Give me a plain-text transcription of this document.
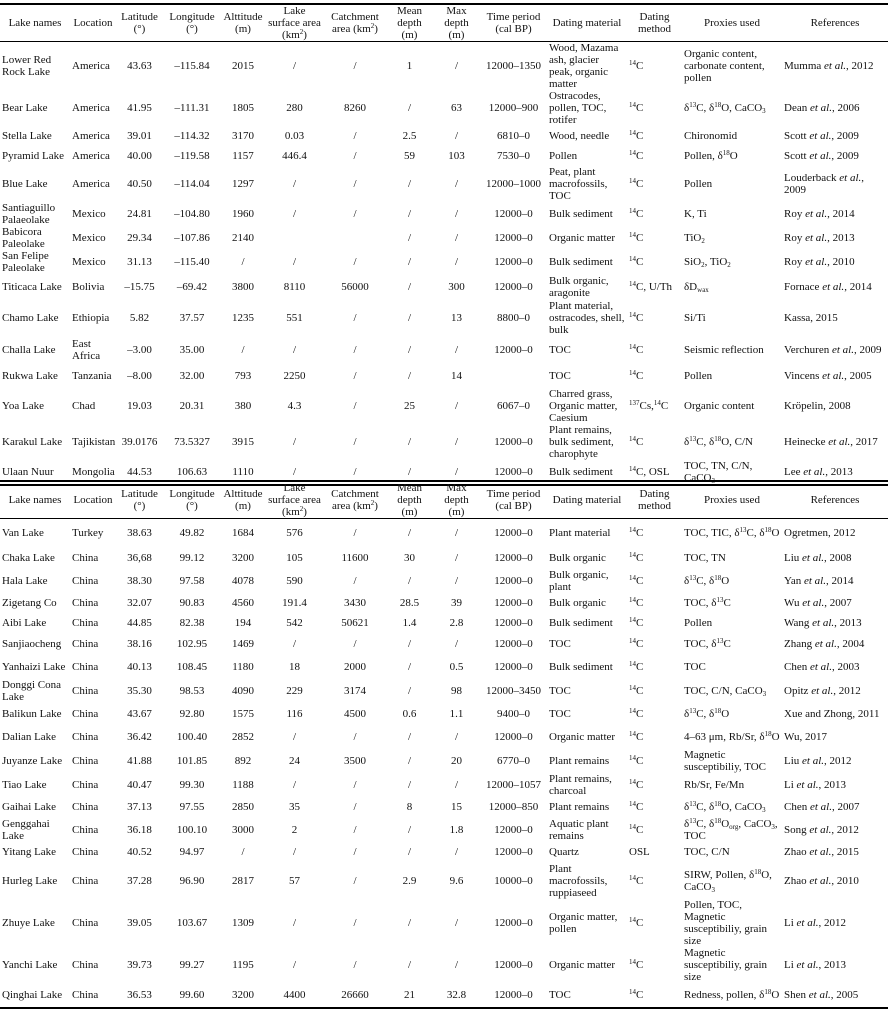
Lake names	Location	Latitude (°)	Longitude (°)	Alttitude (m)	Lake surface area $(km^2)$	Catchment area $(km^2)$	Mean depth (m)	Max depth (m)	Time period (cal BP)	Dating material	Dating method	Proxies used	References
Lower Red Rock Lake	America	43.63	–115.84	2015	/	/	1	/	12000–1350	Wood, Mazama ash, glacier peak, organic matter	$^{14}$C	Organic content, carbonate content, pollen	Mumma et al., 2012
Bear Lake	America	41.95	–111.31	1805	280	8260	/	63	12000–900	Ostracodes, pollen, TOC, rotifer	$^{14}$C	$\delta^{13}C$, $\delta^{18}O$, CaCO$_3$	Dean et al., 2006
Stella Lake	America	39.01	–114.32	3170	0.03	/	2.5	/	6810–0	Wood, needle	$^{14}$C	Chironomid	Scott et al., 2009
Pyramid Lake	America	40.00	–119.58	1157	446.4	/	59	103	7530–0	Pollen	$^{14}$C	Pollen, $\delta^{18}O$	Scott et al., 2009
Blue Lake	America	40.50	–114.04	1297	/	/	/	/	12000–1000	Peat, plant macrofossils, TOC	$^{14}$C	Pollen	Louderback et al., 2009
Santiaguillo Palaeolake	Mexico	24.81	–104.80	1960	/	/	/	/	12000–0	Bulk sediment	$^{14}$C	K, Ti	Roy et al., 2014
Babicora Paleolake	Mexico	29.34	–107.86	2140			/	/	12000–0	Organic matter	$^{14}$C	TiO$_2$	Roy et al., 2013
San Felipe Paleolake	Mexico	31.13	–115.40	/	/	/	/	/	12000–0	Bulk sediment	$^{14}$C	SiO$_2$, TiO$_2$	Roy et al., 2010
Titicaca Lake	Bolivia	–15.75	–69.42	3800	8110	56000	/	300	12000–0	Bulk organic, aragonite	$^{14}$C, U/Th	$\delta D_{wax}$	Fornace et al., 2014
Chamo Lake	Ethiopia	5.82	37.57	1235	551	/	/	13	8800–0	Plant material, ostracodes, shell, bulk	$^{14}$C	Si/Ti	Kassa, 2015
Challa Lake	East Africa	–3.00	35.00	/	/	/	/	/	12000–0	TOC	$^{14}$C	Seismic reflection	Verchuren et al., 2009
Rukwa Lake	Tanzania	–8.00	32.00	793	2250	/	/	14		TOC	$^{14}$C	Pollen	Vincens et al., 2005
Yoa Lake	Chad	19.03	20.31	380	4.3	/	25	/	6067–0	Charred grass, Organic matter, Caesium	$^{137}$Cs,$^{14}$C	Organic content	Kröpelin, 2008
Karakul Lake	Tajikistan	39.0176	73.5327	3915	/	/	/	/	12000–0	Plant remains, bulk sediment, charophyte	$^{14}$C	$\delta^{13}C$, $\delta^{18}O$, C/N	Heinecke et al., 2017
Ulaan Nuur	Mongolia	44.53	106.63	1110	/	/	/	/	12000–0	Bulk sediment	$^{14}$C, OSL	TOC, TN, C/N, CaCO$_3$	Lee et al., 2013
Lake names	Location	Latitude (°)	Longitude (°)	Alttitude (m)	Lake surface area $(km^2)$	Catchment area $(km^2)$	Mean depth (m)	Max depth (m)	Time period (cal BP)	Dating material	Dating method	Proxies used	References
Van Lake	Turkey	38.63	49.82	1684	576	/	/	/	12000–0	Plant material	$^{14}$C	TOC, TIC, $\delta^{13}C$, $\delta^{18}O$	Ogretmen, 2012
Chaka Lake	China	36,68	99.12	3200	105	11600	30	/	12000–0	Bulk organic	$^{14}$C	TOC, TN	Liu et al., 2008
Hala Lake	China	38.30	97.58	4078	590	/	/	/	12000–0	Bulk organic, plant	$^{14}$C	$\delta^{13}C$, $\delta^{18}O$	Yan et al., 2014
Zigetang Co	China	32.07	90.83	4560	191.4	3430	28.5	39	12000–0	Bulk organic	$^{14}$C	TOC, $\delta^{13}C$	Wu et al., 2007
Aibi Lake	China	44.85	82.38	194	542	50621	1.4	2.8	12000–0	Bulk sediment	$^{14}$C	Pollen	Wang et al., 2013
Sanjiaocheng	China	38.16	102.95	1469	/	/	/	/	12000–0	TOC	$^{14}$C	TOC, $\delta^{13}C$	Zhang et al., 2004
Yanhaizi Lake	China	40.13	108.45	1180	18	2000	/	0.5	12000–0	Bulk sediment	$^{14}$C	TOC	Chen et al., 2003
Donggi Cona Lake	China	35.30	98.53	4090	229	3174	/	98	12000–3450	TOC	$^{14}$C	TOC, C/N, CaCO$_3$	Opitz et al., 2012
Balikun Lake	China	43.67	92.80	1575	116	4500	0.6	1.1	9400–0	TOC	$^{14}$C	$\delta^{13}C$, $\delta^{18}O$	Xue and Zhong, 2011
Dalian Lake	China	36.42	100.40	2852	/	/	/	/	12000–0	Organic matter	$^{14}$C	4–63 μm, Rb/Sr, $\delta^{18}O$	Wu, 2017
Juyanze Lake	China	41.88	101.85	892	24	3500	/	20	6770–0	Plant remains	$^{14}$C	Magnetic susceptibiliy, TOC	Liu et al., 2012
Tiao Lake	China	40.47	99.30	1188	/	/	/	/	12000–1057	Plant remains, charcoal	$^{14}$C	Rb/Sr, Fe/Mn	Li et al., 2013
Gaihai Lake	China	37.13	97.55	2850	35	/	8	15	12000–850	Plant remains	$^{14}$C	$\delta^{13}C$, $\delta^{18}O$, CaCO$_3$	Chen et al., 2007
Genggahai Lake	China	36.18	100.10	3000	2	/	/	1.8	12000–0	Aquatic plant remains	$^{14}$C	$\delta^{13}C$, $\delta^{18}O_{org}$, CaCO$_3$, TOC	Song et al., 2012
Yitang Lake	China	40.52	94.97	/	/	/	/	/	12000–0	Quartz	OSL	TOC, C/N	Zhao et al., 2015
Hurleg Lake	China	37.28	96.90	2817	57	/	2.9	9.6	10000–0	Plant macrofossils, ruppiaseed	$^{14}$C	SIRW, Pollen, $\delta^{18}O$, CaCO$_3$	Zhao et al., 2010
Zhuye Lake	China	39.05	103.67	1309	/	/	/	/	12000–0	Organic matter, pollen	$^{14}$C	Pollen, TOC, Magnetic susceptibiliy, grain size	Li et al., 2012
Yanchi Lake	China	39.73	99.27	1195	/	/	/	/	12000–0	Organic matter	$^{14}$C	Magnetic susceptibiliy, grain size	Li et al., 2013
Qinghai Lake	China	36.53	99.60	3200	4400	26660	21	32.8	12000–0	TOC	$^{14}$C	Redness, pollen, $\delta^{18}O$	Shen et al., 2005
